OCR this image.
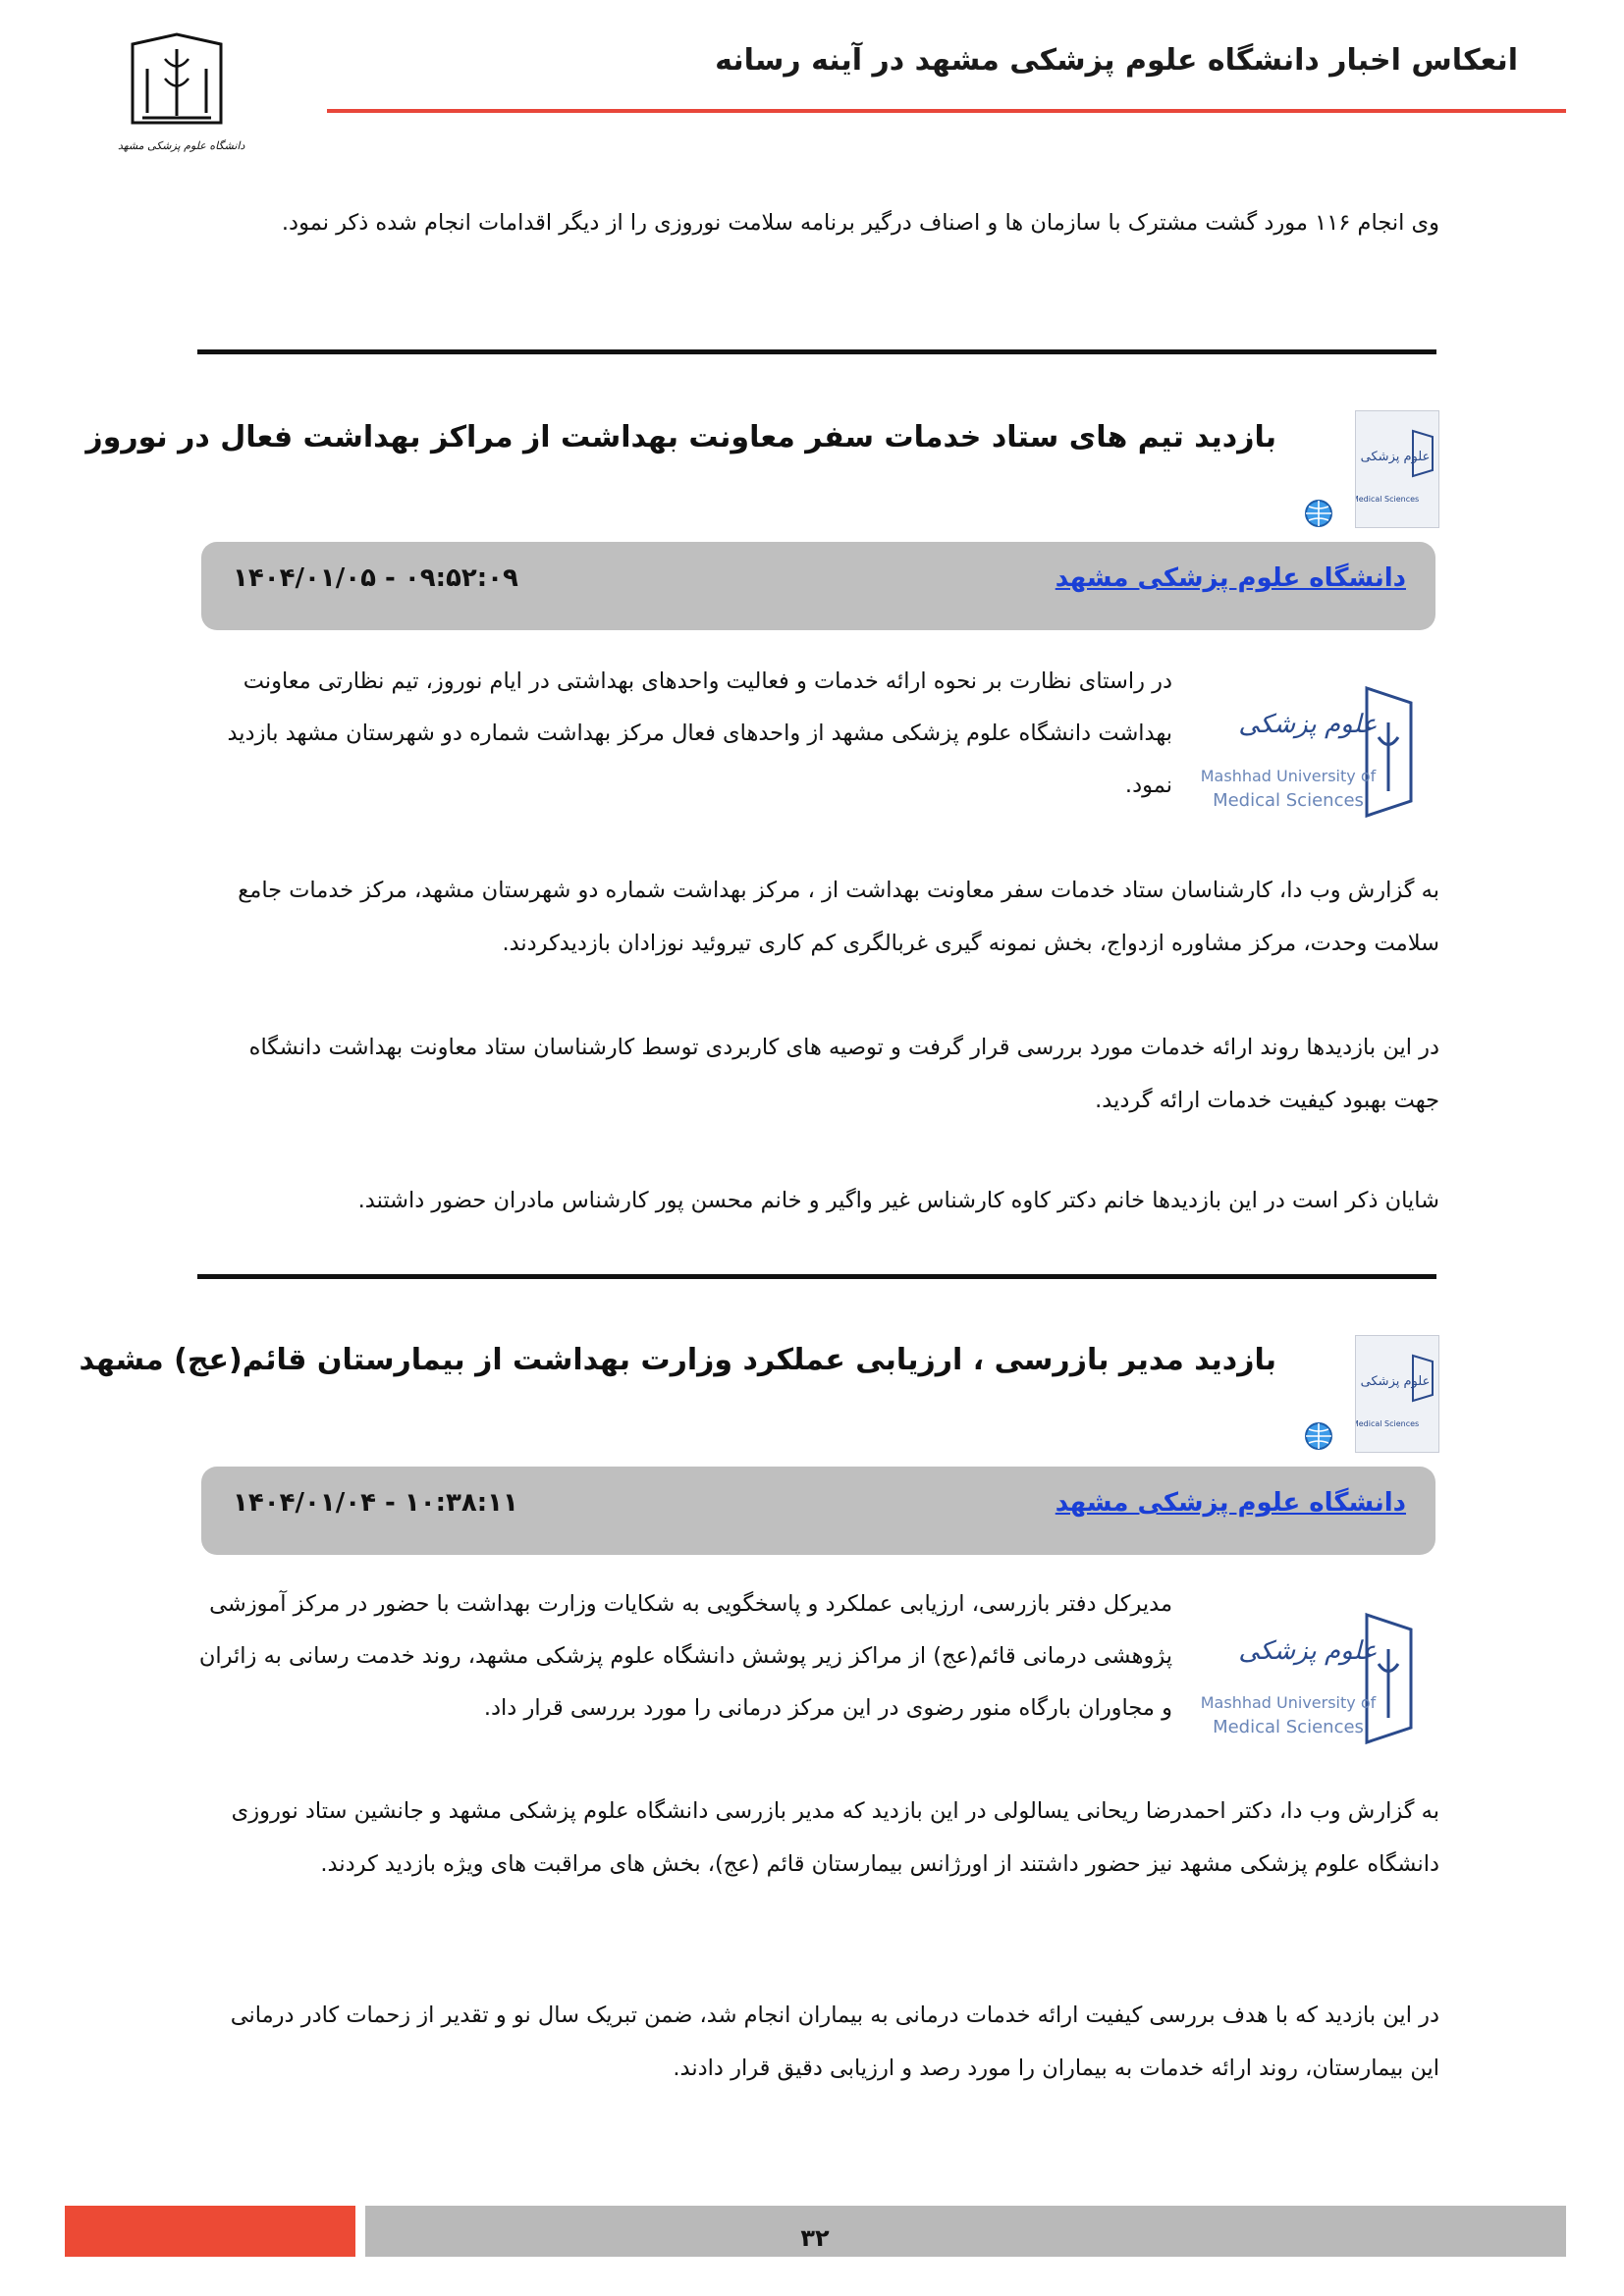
انعکاس اخبار دانشگاه علوم پزشکی مشهد در آینه رسانه
دانشگاه علوم پزشکی مشهد
وی انجام ۱۱۶ مورد گشت مشترک با سازمان ها و اصناف درگیر برنامه سلامت نوروزی را از دیگر اقدامات انجام شده ذکر نمود.
علوم پزشکی
Medical Sciences
بازدید تیم های ستاد خدمات سفر معاونت بهداشت از مراکز بهداشت فعال در نوروز
دانشگاه علوم پزشکی مشهد
۱۴۰۴/۰۱/۰۵ - ۰۹:۵۲:۰۹
علوم پزشکی
Mashhad University of
Medical Sciences
در راستای نظارت بر نحوه ارائه خدمات و فعالیت واحدهای بهداشتی در ایام نوروز، تیم نظارتی معاونت بهداشت دانشگاه علوم پزشکی مشهد از واحدهای فعال مرکز بهداشت شماره دو شهرستان مشهد بازدید نمود.
به گزارش وب دا، کارشناسان ستاد خدمات سفر معاونت بهداشت از ، مرکز بهداشت شماره دو شهرستان مشهد، مرکز خدمات جامع سلامت وحدت، مرکز مشاوره ازدواج، بخش نمونه گیری غربالگری کم کاری تیروئید نوزادان بازدیدکردند.
در این بازدیدها روند ارائه خدمات مورد بررسی قرار گرفت و توصیه های کاربردی توسط کارشناسان ستاد معاونت بهداشت دانشگاه جهت بهبود کیفیت خدمات ارائه گردید.
شایان ذکر است در این بازدیدها خانم دکتر کاوه کارشناس غیر واگیر و خانم محسن پور کارشناس مادران حضور داشتند.
علوم پزشکی
Medical Sciences
بازدید مدیر بازرسی ، ارزیابی عملکرد وزارت بهداشت از بیمارستان قائم(عج) مشهد
دانشگاه علوم پزشکی مشهد
۱۴۰۴/۰۱/۰۴ - ۱۰:۳۸:۱۱
علوم پزشکی
Mashhad University of
Medical Sciences
مدیرکل دفتر بازرسی، ارزیابی عملکرد و پاسخگویی به شکایات وزارت بهداشت با حضور در مرکز آموزشی پژوهشی درمانی قائم(عج) از مراکز زیر پوشش دانشگاه علوم پزشکی مشهد، روند خدمت رسانی به زائران و مجاوران بارگاه منور رضوی در این مرکز درمانی را مورد بررسی قرار داد.
به گزارش وب دا، دکتر احمدرضا ریحانی یسالولی در این بازدید که مدیر بازرسی دانشگاه علوم پزشکی مشهد و جانشین ستاد نوروزی دانشگاه علوم پزشکی مشهد نیز حضور داشتند از اورژانس بیمارستان قائم (عج)، بخش های مراقبت های ویژه بازدید کردند.
در این بازدید که با هدف بررسی کیفیت ارائه خدمات درمانی به بیماران انجام شد، ضمن تبریک سال نو و تقدیر از زحمات کادر درمانی این بیمارستان، روند ارائه خدمات به بیماران را مورد رصد و ارزیابی دقیق قرار دادند.
۳۲
